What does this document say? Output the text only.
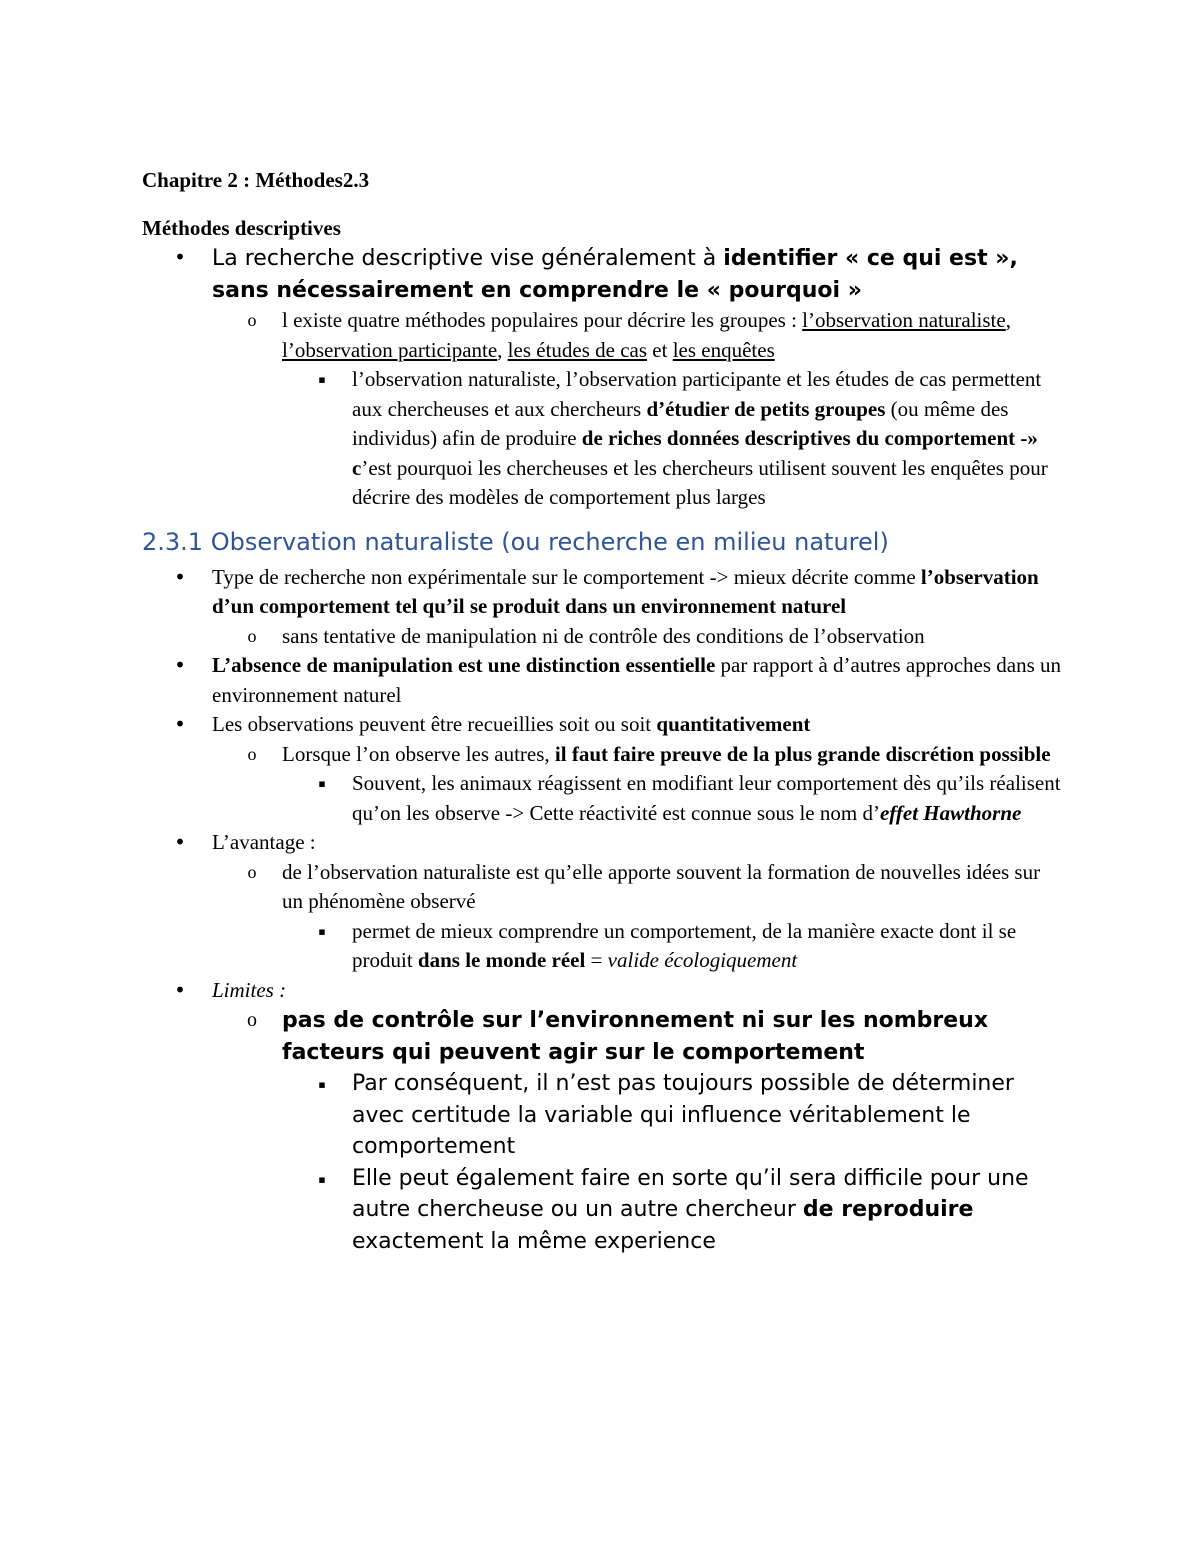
Chapitre 2 : Méthodes2.3

Méthodes descriptives

• La recherche descriptive vise généralement à identifier « ce qui est », sans nécessairement en comprendre le « pourquoi »

o l existe quatre méthodes populaires pour décrire les groupes : l’observation naturaliste, l’observation participante, les études de cas et les enquêtes

▪ l’observation naturaliste, l’observation participante et les études de cas permettent aux chercheuses et aux chercheurs d’étudier de petits groupes (ou même des individus) afin de produire de riches données descriptives du comportement -» c’est pourquoi les chercheuses et les chercheurs utilisent souvent les enquêtes pour décrire des modèles de comportement plus larges

2.3.1 Observation naturaliste (ou recherche en milieu naturel)
• Type de recherche non expérimentale sur le comportement -> mieux décrite comme l’observation d’un comportement tel qu’il se produit dans un environnement naturel

o sans tentative de manipulation ni de contrôle des conditions de l’observation

• L’absence de manipulation est une distinction essentielle par rapport à d’autres approches dans un environnement naturel

• Les observations peuvent être recueillies soit ou soit quantitativement

o Lorsque l’on observe les autres, il faut faire preuve de la plus grande discrétion possible

▪ Souvent, les animaux réagissent en modifiant leur comportement dès qu’ils réalisent qu’on les observe -> Cette réactivité est connue sous le nom d’effet Hawthorne

• L’avantage :

o de l’observation naturaliste est qu’elle apporte souvent la formation de nouvelles idées sur un phénomène observé

▪ permet de mieux comprendre un comportement, de la manière exacte dont il se produit dans le monde réel = valide écologiquement

• Limites :

o pas de contrôle sur l’environnement ni sur les nombreux facteurs qui peuvent agir sur le comportement

▪ Par conséquent, il n’est pas toujours possible de déterminer avec certitude la variable qui influence véritablement le comportement

▪ Elle peut également faire en sorte qu’il sera difficile pour une autre chercheuse ou un autre chercheur de reproduire exactement la même experience
